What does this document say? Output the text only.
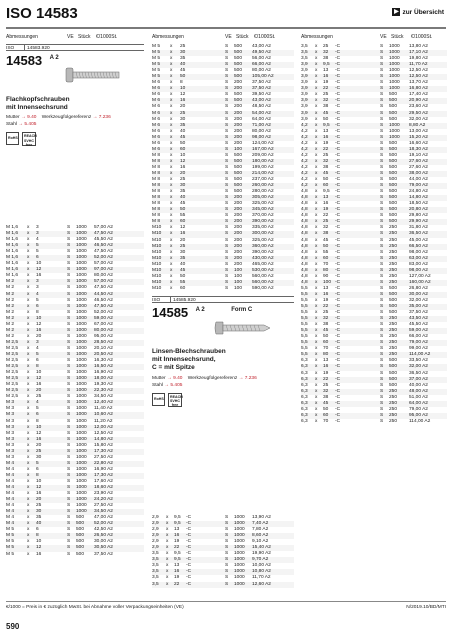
ISO 14583	▶ zur Übersicht
Abmessungen	VE Stück €/1000St.	Abmessungen	VE Stück €/1000St.	Abmessungen	VE Stück €/1000St.
ISO	14583.920
14583 A 2
Flachkopfschrauben
mit Innensechsrund
Mutter → 9.40 Werkzeugfolgereferenz → 7.236
Stahl → 5.405
RoHS	REACH SVHC free
M 1,6 x 3	S 1000 57,00 A2
M 1,6 x 3	S 1000 47,50 A2
M 1,6 x 4	S 1000 45,50 A2
M 1,6 x 5	S 1000 46,50 A2
M 1,6 x 5	S 1000 47,50 A2
M 1,6 x 6	S 1000 52,00 A2
M 1,6 x 10	S 1000 57,00 A2
M 1,6 x 12	S 1000 97,00 A2
M 1,6 x 16	S 1000 80,00 A2
M 2	x 3	S 1000 57,00 A2
M 2	x 3	S 1000 47,50 A2
M 2	x 4	S 1000 44,50 A2
M 2	x 5	S 1000 46,50 A2
M 2	x 6	S 1000 47,50 A2
M 2	x 8	S 1000 52,00 A2
M 2	x 10	S 1000 59,00 A2
M 2	x 12	S 1000 67,00 A2
M 2	x 16	S 1000 80,00 A2
M 2	x 20	S 1000 95,00 A2
M 2,5 x 3	S 1000 28,50 A2
M 2,5 x 4	S 1000 20,10 A2
M 2,5 x 5	S 1000 20,50 A2
M 2,5 x 6	S 1000 16,30 A2
M 2,5 x 8	S 1000 16,50 A2
M 2,5 x 10	S 1000 16,90 A2
M 2,5 x 12	S 1000 18,00 A2
M 2,5 x 16	S 1000 19,30 A2
M 2,5 x 20	S 1000 22,30 A2
M 2,5 x 25	S 1000 34,50 A2
M 3	x 4	S 1000 12,40 A2
M 3	x 5	S 1000 11,40 A2
M 3	x 6	S 1000 10,60 A2
M 3	x 8	S 1000 11,20 A2
M 3	x 10	S 1000 12,00 A2
M 3	x 12	S 1000 12,50 A2
M 3	x 16	S 1000 14,80 A2
M 3	x 20	S 1000 15,80 A2
M 3	x 25	S 1000 17,30 A2
M 3	x 30	S 1000 27,50 A2
M 4	x 5	S 1000 22,80 A2
M 4	x 6	S 1000 16,90 A2
M 4	x 8	S 1000 17,30 A2
M 4	x 10	S 1000 17,60 A2
M 4	x 12	S 1000 18,60 A2
M 4	x 16	S 1000 23,90 A2
M 4	x 20	S 1000 24,20 A2
M 4	x 25	S 1000 27,50 A2
M 4	x 30	S 1000 34,50 A2
M 4	x 35	S 500 47,00 A2
M 4	x 40	S 500 52,00 A2
M 5	x 6	S 500 42,50 A2
M 5	x 8	S 500 26,50 A2
M 5	x 10	S 500 30,00 A2
M 5	x 12	S 500 30,50 A2
M 5	x 16	S 500 37,50 A2
M 5 x 25	S 500 43,00 A2
M 5 x 30	S 500 49,50 A2
M 5 x 35	S 500 56,00 A2
M 5 x 40	S 500 66,00 A2
M 5 x 45	S 500 80,00 A2
M 5 x 50	S 500 105,00 A2
M 6 x 8	S 200 37,50 A2
M 6 x 10	S 200 37,50 A2
M 6 x 12	S 500 39,50 A2
M 6 x 16	S 500 43,00 A2
M 6 x 20	S 200 48,50 A2
M 6 x 25	S 200 54,00 A2
M 6 x 30	S 200 64,00 A2
M 6 x 35	S 200 71,00 A2
M 6 x 40	S 200 80,00 A2
M 6 x 45	S 200 98,00 A2
M 6 x 50	S 200 124,00 A2
M 6 x 60	S 100 167,00 A2
M 8 x 10	S 500 209,00 A2
M 8 x 12	S 500 180,00 A2
M 8 x 16	S 500 199,00 A2
M 8 x 20	S 500 214,00 A2
M 8 x 25	S 500 237,00 A2
M 8 x 30	S 500 260,00 A2
M 8 x 35	S 500 280,00 A2
M 8 x 40	S 200 305,00 A2
M 8 x 45	S 200 325,00 A2
M 8 x 50	S 200 345,00 A2
M 8 x 55	S 200 370,00 A2
M 8 x 60	S 200 390,00 A2
M10 x 12	S 200 335,00 A2
M10 x 16	S 200 300,00 A2
M10 x 20	S 200 325,00 A2
M10 x 25	S 200 360,00 A2
M10 x 30	S 200 390,00 A2
M10 x 35	S 200 430,00 A2
M10 x 40	S 200 465,00 A2
M10 x 45	S 100 530,00 A2
M10 x 50	S 100 560,00 A2
M10 x 55	S 100 560,00 A2
M10 x 60	S 100 590,00 A2
ISO	14585.920
14585 A 2	Form C
Linsen-Blechschrauben
mit Innensechsrund,
C = mit Spitze
Mutter → 9.40 Werkzeugfolgereferenz → 7.236
Stahl → 5.405
RoHS	REACH SVHC free
2,9 x 9,5 -C	S 1000 13,90 A2
2,9 x 9,5 -C	S 1000 7,40 A2
2,9 x 13 -C	S 1000 7,80 A2
2,9 x 16 -C	S 1000 8,60 A2
2,9 x 19 -C	S 1000 9,10 A2
2,9 x 22 -C	S 1000 15,40 A2
3,5 x 9,5 -C	S 1000 19,90 A2
3,5 x 9,5 -C	S 1000 9,70 A2
3,5 x 13 -C	S 1000 10,00 A2
3,5 x 16 -C	S 1000 10,80 A2
3,5 x 19 -C	S 1000 11,70 A2
3,5 x 22 -C	S 1000 12,60 A2
3,5 x 25 -C	S 1000 13,80 A2
3,5 x 32 -C	S 1000 17,10 A2
3,5 x 38 -C	S 1000 19,80 A2
3,9 x 9,5 -C	S 1000 11,70 A2
3,9 x 13 -C	S 1000 12,50 A2
3,9 x 16 -C	S 1000 12,50 A2
3,9 x 19 -C	S 1000 13,70 A2
3,9 x 22 -C	S 1000 16,80 A2
3,9 x 25 -C	S 500 17,40 A2
3,9 x 32 -C	S 500 20,90 A2
3,9 x 38 -C	S 500 23,60 A2
3,9 x 45 -C	S 500 29,50 A2
3,9 x 50 -C	S 500 32,00 A2
4,2 x 9,5 -C	S 1000 8,80 A2
4,2 x 13 -C	S 1000 13,00 A2
4,2 x 16 -C	S 1000 15,20 A2
4,2 x 19 -C	S 500 16,60 A2
4,2 x 22 -C	S 500 18,30 A2
4,2 x 25 -C	S 500 19,10 A2
4,2 x 32 -C	S 500 27,60 A2
4,2 x 38 -C	S 500 27,60 A2
4,2 x 45 -C	S 500 38,00 A2
4,2 x 50 -C	S 500 44,00 A2
4,2 x 60 -C	S 500 79,00 A2
4,8 x 9,5 -C	S 500 24,80 A2
4,8 x 13 -C	S 500 14,80 A2
4,8 x 16 -C	S 500 18,50 A2
4,8 x 19 -C	S 500 20,80 A2
4,8 x 22 -C	S 500 29,80 A2
4,8 x 25 -C	S 500 29,90 A2
4,8 x 32 -C	S 250 31,80 A2
4,8 x 38 -C	S 250 36,50 A2
4,8 x 45 -C	S 250 45,00 A2
4,8 x 50 -C	S 250 66,50 A2
4,8 x 55 -C	S 250 98,00 A2
4,8 x 60 -C	S 250 63,00 A2
4,8 x 70 -C	S 250 83,00 A2
4,8 x 80 -C	S 250 98,00 A2
4,8 x 90 -C	S 250 127,00 A2
4,8 x 100 -C	S 250 160,00 A2
5,5 x 13 -C	S 500 26,80 A2
5,5 x 16 -C	S 500 30,00 A2
5,5 x 19 -C	S 500 32,00 A2
5,5 x 22 -C	S 500 35,00 A2
5,5 x 25 -C	S 500 37,50 A2
5,5 x 32 -C	S 250 43,50 A2
5,5 x 38 -C	S 250 45,50 A2
5,5 x 45 -C	S 250 59,00 A2
5,5 x 50 -C	S 250 66,00 A2
5,5 x 60 -C	S 250 79,00 A2
5,5 x 70 -C	S 250 99,00 A2
5,5 x 80 -C	S 250 114,00 A2
6,3 x 13 -C	S 500 33,50 A2
6,3 x 16 -C	S 500 32,00 A2
6,3 x 19 -C	S 500 36,50 A2
6,3 x 22 -C	S 500 37,00 A2
6,3 x 25 -C	S 500 40,00 A2
6,3 x 32 -C	S 250 48,00 A2
6,3 x 38 -C	S 250 51,00 A2
6,3 x 45 -C	S 250 64,00 A2
6,3 x 50 -C	S 250 79,00 A2
6,3 x 60 -C	S 250 95,00 A2
6,3 x 70 -C	S 250 114,00 A2
€/1000 = Preis in € zuzüglich MwSt. bei Abnahme voller Verpackungseinheiten (VE)	N/2019.10/BD/MTI
590
